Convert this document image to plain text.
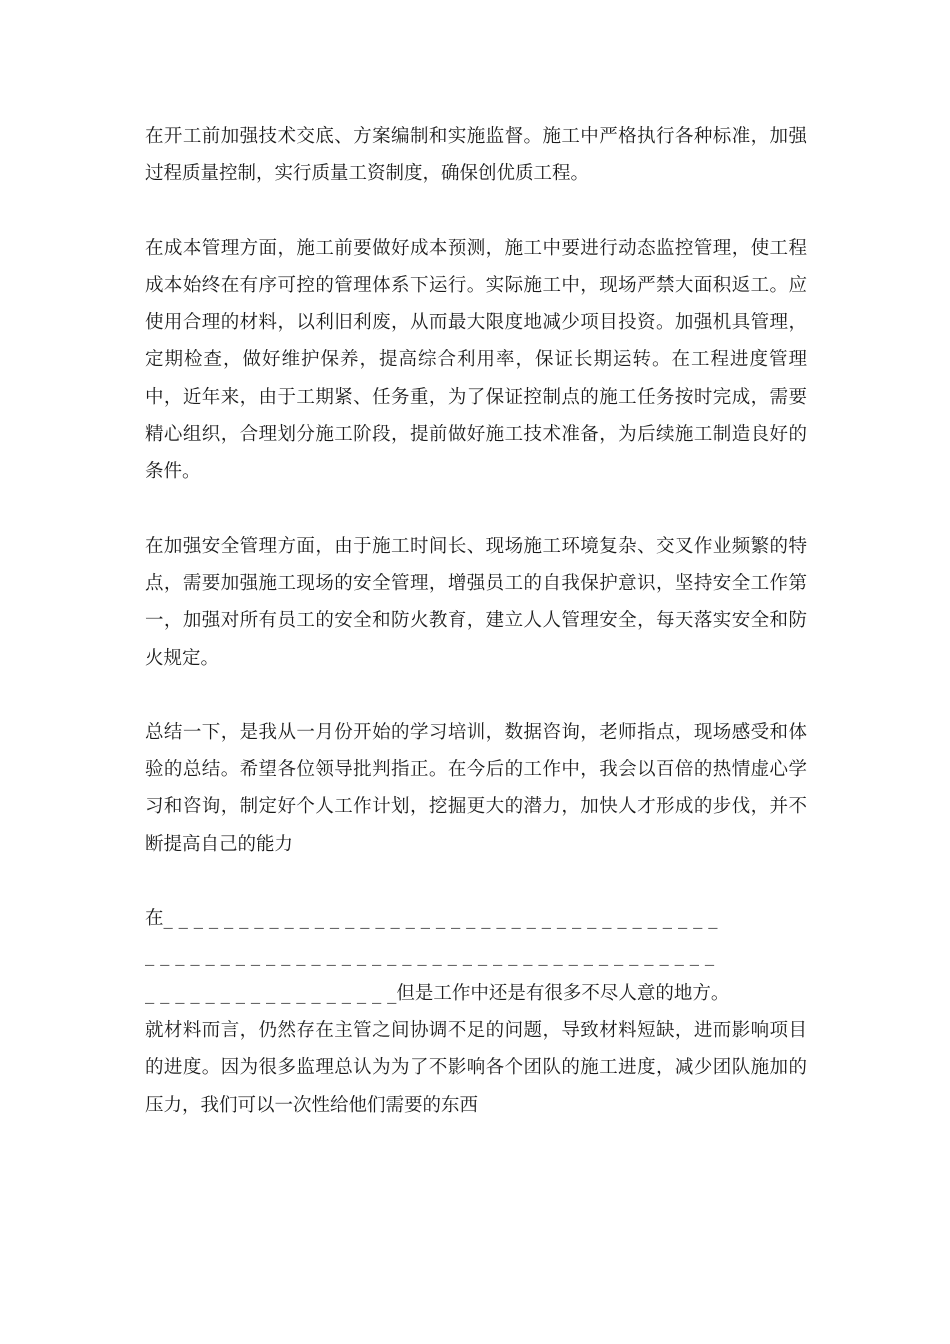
在开工前加强技术交底、方案编制和实施监督。施工中严格执行各种标准，加强过程质量控制，实行质量工资制度，确保创优质工程。

在成本管理方面，施工前要做好成本预测，施工中要进行动态监控管理，使工程成本始终在有序可控的管理体系下运行。实际施工中，现场严禁大面积返工。应使用合理的材料，以利旧利废，从而最大限度地减少项目投资。加强机具管理，定期检查，做好维护保养，提高综合利用率，保证长期运转。在工程进度管理中，近年来，由于工期紧、任务重，为了保证控制点的施工任务按时完成，需要精心组织，合理划分施工阶段，提前做好施工技术准备，为后续施工制造良好的条件。

在加强安全管理方面，由于施工时间长、现场施工环境复杂、交叉作业频繁的特点，需要加强施工现场的安全管理，增强员工的自我保护意识，坚持安全工作第一，加强对所有员工的安全和防火教育，建立人人管理安全，每天落实安全和防火规定。

总结一下，是我从一月份开始的学习培训，数据咨询，老师指点，现场感受和体验的总结。希望各位领导批判指正。在今后的工作中，我会以百倍的热情虚心学习和咨询，制定好个人工作计划，挖掘更大的潜力，加快人才形成的步伐，并不断提高自己的能力

在_ _ _ _ _ _ _ _ _ _ _ _ _ _ _ _ _ _ _ _ _ _ _ _ _ _ _ _ _ _ _ _ _ _ _ _ _

_ _ _ _ _ _ _ _ _ _ _ _ _ _ _ _ _ _ _ _ _ _ _ _ _ _ _ _ _ _ _ _ _ _ _ _ _ _

_ _ _ _ _ _ _ _ _ _ _ _ _ _ _ _ _但是工作中还是有很多不尽人意的地方。

就材料而言，仍然存在主管之间协调不足的问题，导致材料短缺，进而影响项目的进度。因为很多监理总认为为了不影响各个团队的施工进度，减少团队施加的压力，我们可以一次性给他们需要的东西
